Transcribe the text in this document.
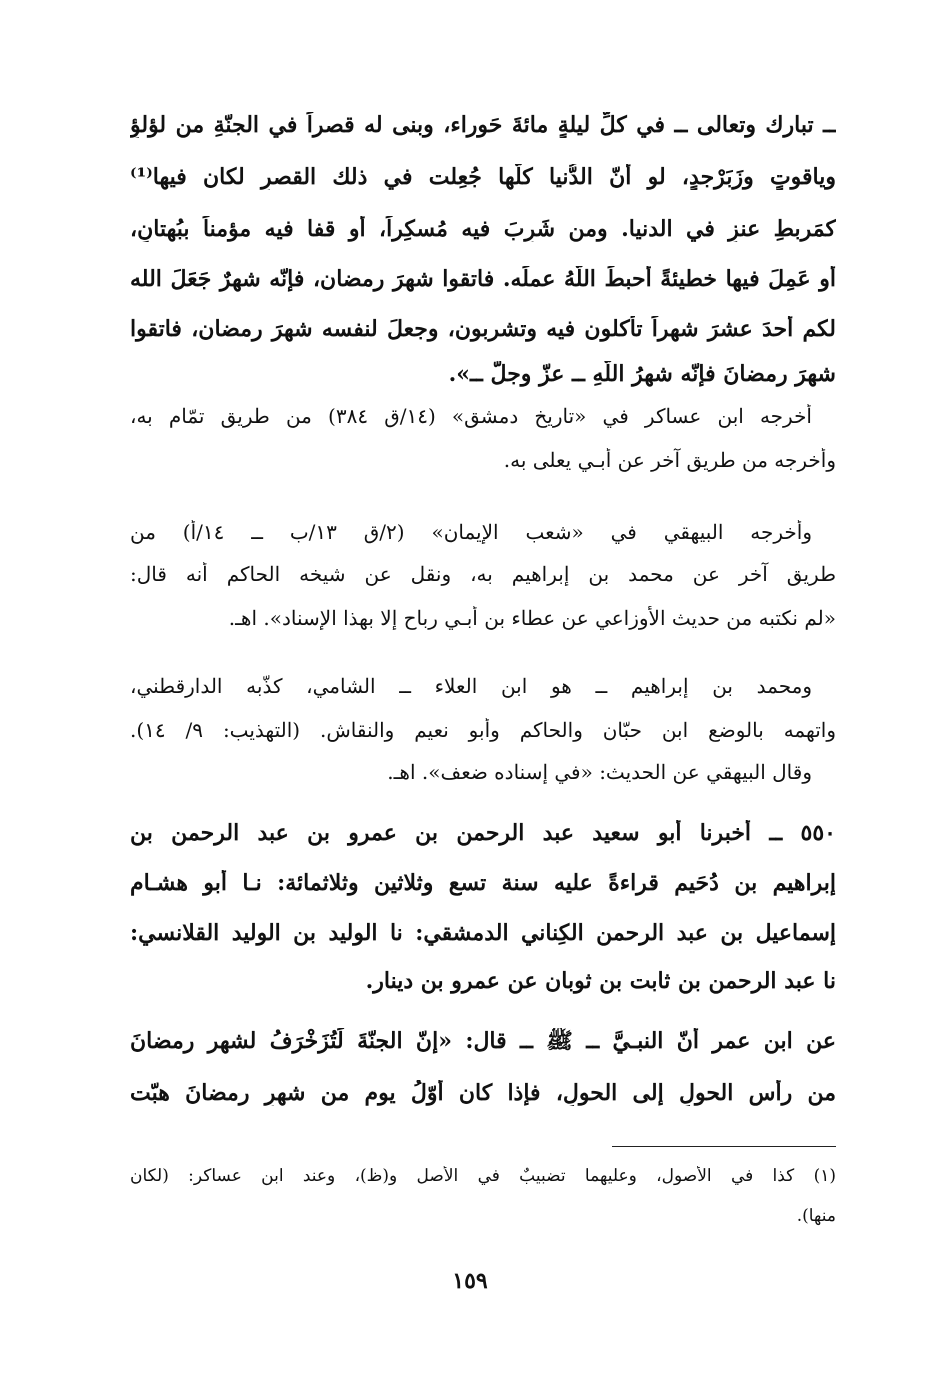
ــ تبارك وتعالى ــ في كلِّ ليلةٍ مائةَ حَوراء، وبنى له قصراً في الجنّةِ من لؤلؤٍ
وياقوتٍ وزَبَرْجدٍ، لو أنّ الدُّنيا كلَّها جُعِلت في ذلك القصرِ لكان فيها⁽¹⁾
كمَربطِ عنزٍ في الدنيا. ومن شَرِبَ فيه مُسكِراً، أو قفا فيه مؤمناً ببُهتانٍ،
أو عَمِلَ فيها خطيئةً أحبطَ اللَّهُ عملَه. فاتقوا شهرَ رمضان، فإنّه شهرٌ جَعَلَ الله
لكم أحدَ عشرَ شهراً تأكلون فيه وتشربون، وجعلَ لنفسه شهرَ رمضان، فاتقوا
شهرَ رمضانَ فإنّه شهرُ اللَّهِ ــ عزّ وجلّ ــ».
أخرجه ابن عساكر في «تاريخ دمشق» (١٤/ق ٣٨٤) من طريق تمّام به،
وأخرجه من طريقٍ آخر عن أبـي يعلى به.
وأخرجه البيهقي في «شعب الإيمان» (٢/ق ١٣/ب ــ ١٤/أ) من
طريق آخر عن محمد بن إبراهيم به، ونقل عن شيخه الحاكم أنه قال:
«لم نكتبه من حديث الأوزاعي عن عطاء بن أبـي رباح إلا بهذا الإسناد». اهـ.
ومحمد بن إبراهيم ــ هو ابن العلاء ــ الشامي، كذّبه الدارقطني،
واتهمه بالوضع ابن حبّان والحاكم وأبو نعيم والنقاش. (التهذيب: ٩/ ١٤).
وقال البيهقي عن الحديث: «في إسناده ضعف». اهـ.
٥٥٠ ــ أخبرنا أبو سعيد عبد الرحمن بن عمرو بن عبد الرحمن بن
إبراهيم بن دُحَيم قراءةً عليه سنة تسعٍ وثلاثين وثلاثمائة: نـا أبو هشـام
إسماعيل بن عبد الرحمن الكِناني الدمشقي: نا الوليد بن الوليد القلانسي:
نا عبد الرحمن بن ثابت بن ثوبان عن عمرو بن دينار.
عن ابن عمر أنّ النبـيَّ ــ ﷺ ــ قال: «إنّ الجنّةَ لَتُزَخْرَفُ لشهر رمضانَ
من رأسِ الحولِ إلى الحولِ، فإذا كان أوّلُ يومٍ من شهرِ رمضانَ هبّت
(١) كذا في الأصول، وعليهما تضبيبٌ في الأصل و(ظ)، وعند ابن عساكر: (لكان
منها).
١٥٩
